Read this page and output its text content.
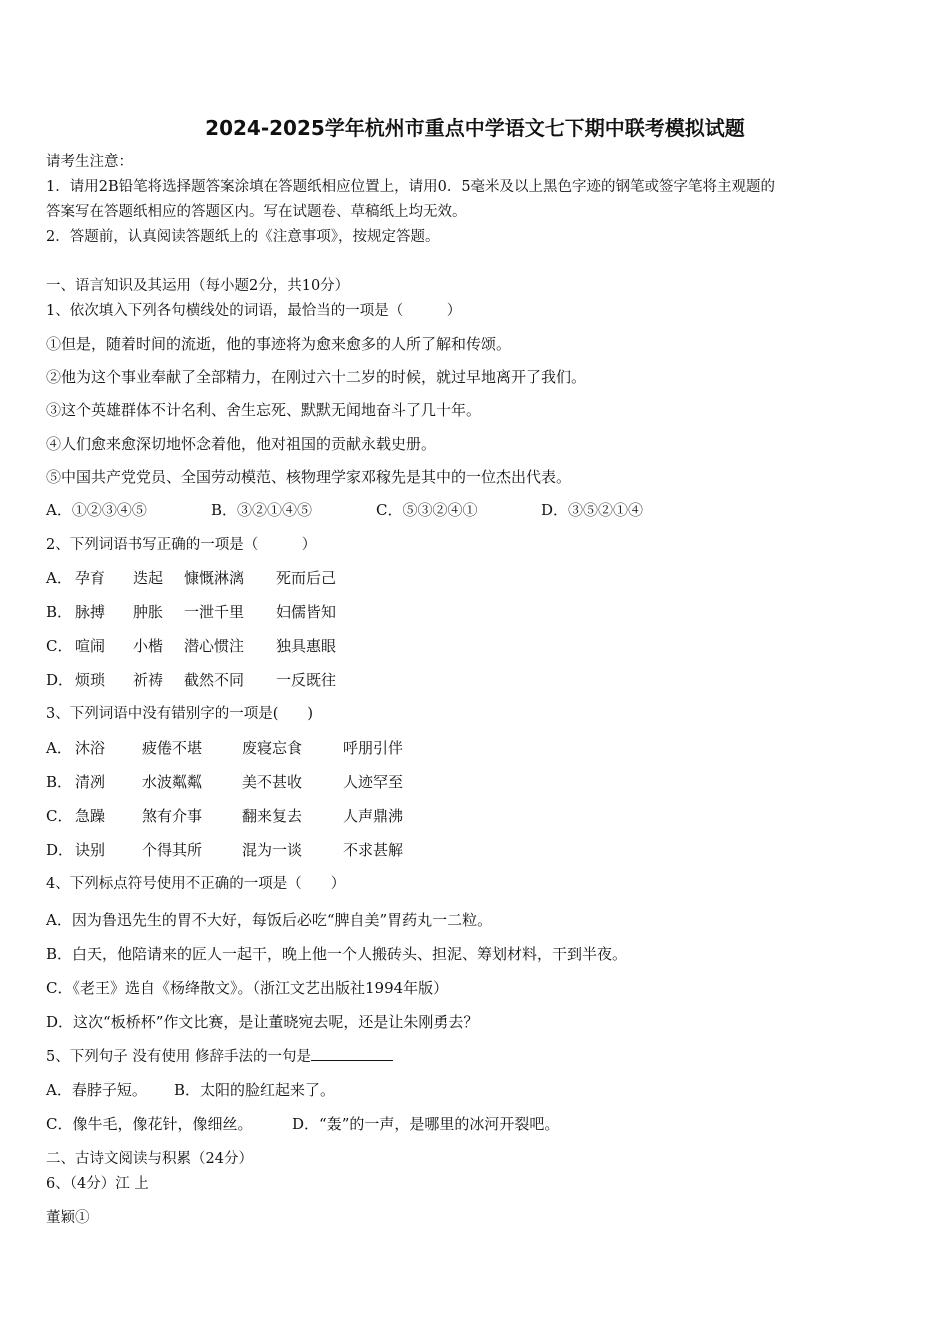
2024-2025学年杭州市重点中学语文七下期中联考模拟试题
请考生注意：
1．请用2B铅笔将选择题答案涂填在答题纸相应位置上，请用0．5毫米及以上黑色字迹的钢笔或签字笔将主观题的
答案写在答题纸相应的答题区内。写在试题卷、草稿纸上均无效。
2．答题前，认真阅读答题纸上的《注意事项》，按规定答题。
一、语言知识及其运用（每小题2分，共10分）
1、依次填入下列各句横线处的词语，最恰当的一项是（　　　）
①但是，随着时间的流逝，他的事迹将为愈来愈多的人所了解和传颂。
②他为这个事业奉献了全部精力，在刚过六十二岁的时候，就过早地离开了我们。
③这个英雄群体不计名利、舍生忘死、默默无闻地奋斗了几十年。
④人们愈来愈深切地怀念着他，他对祖国的贡献永载史册。
⑤中国共产党党员、全国劳动模范、核物理学家邓稼先是其中的一位杰出代表。
A．①②③④⑤	B．③②①④⑤	C．⑤③②④①	D．③⑤②①④
2、下列词语书写正确的一项是（　　　）
A． 孕育 迭起 慷慨淋漓 死而后己
B． 脉搏 肿胀 一泄千里 妇儒皆知
C． 喧闹 小楷 潜心惯注 独具惠眼
D． 烦琐 祈祷 截然不同 一反既往
3、下列词语中没有错别字的一项是(　　)
A． 沐浴 疲倦不堪	废寝忘食	呼朋引伴
B． 清冽 水波粼粼	美不甚收	人迹罕至
C． 急躁 煞有介事	翻来复去	人声鼎沸
D． 诀别 个得其所	混为一谈	不求甚解
4、下列标点符号使用不正确的一项是（　　）
A．因为鲁迅先生的胃不大好，每饭后必吃“脾自美”胃药丸一二粒。
B．白天，他陪请来的匠人一起干，晚上他一个人搬砖头、担泥、筹划材料，干到半夜。
C．《老王》选自《杨绛散文》。（浙江文艺出版社1994年版）
D．这次“板桥杯”作文比赛，是让董晓宛去呢，还是让朱刚勇去？
5、下列句子 没有使用 修辞手法的一句是
A．春脖子短。 B．太阳的脸红起来了。
C．像牛毛，像花针，像细丝。	D．“轰”的一声，是哪里的冰河开裂吧。
二、古诗文阅读与积累（24分）
6、（4分）江 上
董颖①
